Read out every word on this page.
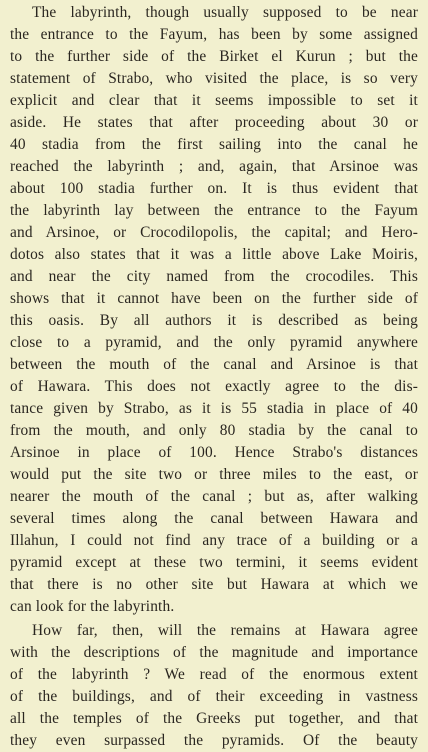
The labyrinth, though usually supposed to be near
the entrance to the Fayum, has been by some assigned
to the further side of the Birket el Kurun ; but the
statement of Strabo, who visited the place, is so very
explicit and clear that it seems impossible to set it
aside. He states that after proceeding about 30 or
40 stadia from the first sailing into the canal he
reached the labyrinth ; and, again, that Arsinoe was
about 100 stadia further on. It is thus evident that
the labyrinth lay between the entrance to the Fayum
and Arsinoe, or Crocodilopolis, the capital; and Hero-
dotos also states that it was a little above Lake Moiris,
and near the city named from the crocodiles. This
shows that it cannot have been on the further side of
this oasis. By all authors it is described as being
close to a pyramid, and the only pyramid anywhere
between the mouth of the canal and Arsinoe is that
of Hawara. This does not exactly agree to the dis-
tance given by Strabo, as it is 55 stadia in place of 40
from the mouth, and only 80 stadia by the canal to
Arsinoe in place of 100. Hence Strabo's distances
would put the site two or three miles to the east, or
nearer the mouth of the canal ; but as, after walking
several times along the canal between Hawara and
Illahun, I could not find any trace of a building or a
pyramid except at these two termini, it seems evident
that there is no other site but Hawara at which we
can look for the labyrinth.

How far, then, will the remains at Hawara agree
with the descriptions of the magnitude and importance
of the labyrinth ? We read of the enormous extent
of the buildings, and of their exceeding in vastness
all the temples of the Greeks put together, and that
they even surpassed the pyramids. Of the beauty
